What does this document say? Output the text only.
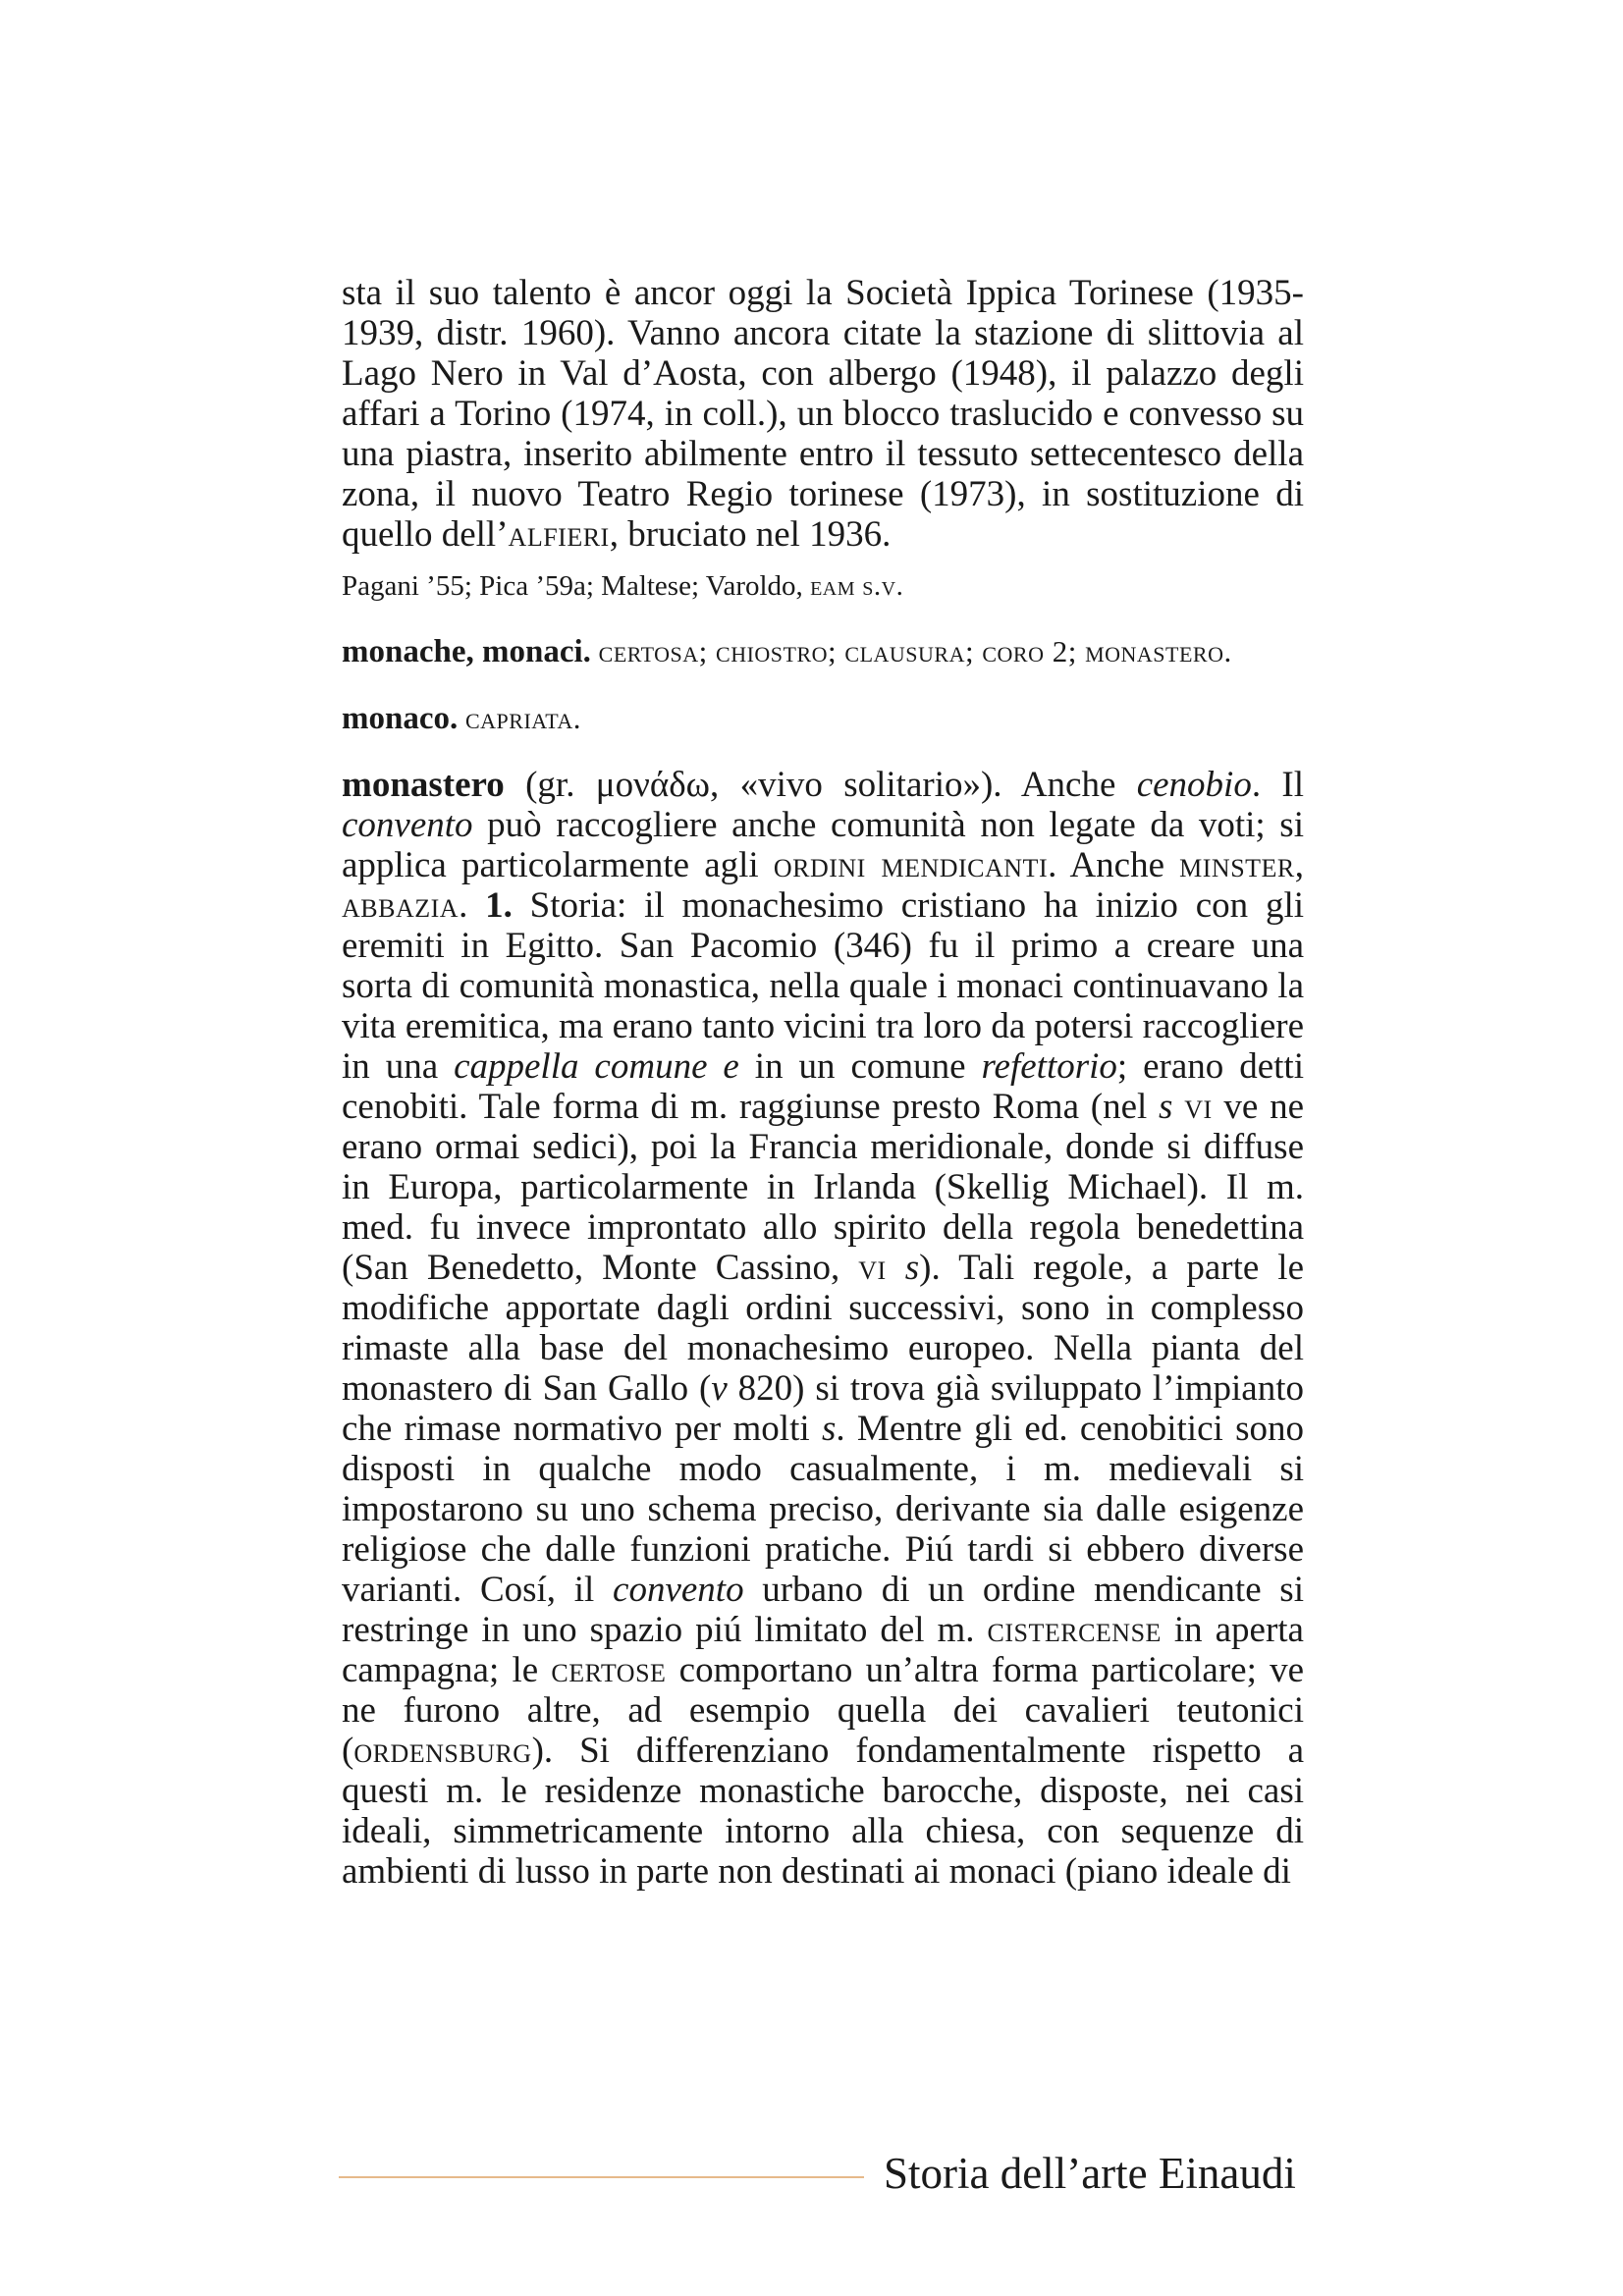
sta il suo talento è ancor oggi la Società Ippica Torinese (1935-1939, distr. 1960). Vanno ancora citate la stazione di slittovia al Lago Nero in Val d’Aosta, con albergo (1948), il palazzo degli affari a Torino (1974, in coll.), un blocco traslucido e convesso su una piastra, inserito abilmente entro il tessuto settecentesco della zona, il nuovo Teatro Regio torinese (1973), in sostituzione di quello dell’alfieri, bruciato nel 1936.

Pagani ’55; Pica ’59a; Maltese; Varoldo, eam s.v.

monache, monaci. certosa; chiostro; clausura; coro 2; monastero.

monaco. capriata.

monastero (gr. μονάδω, «vivo solitario»). Anche cenobio. Il convento può raccogliere anche comunità non legate da voti; si applica particolarmente agli ordini mendicanti. Anche minster, abbazia. 1. Storia: il monachesimo cristiano ha inizio con gli eremiti in Egitto. San Pacomio (346) fu il primo a creare una sorta di comunità monastica, nella quale i monaci continuavano la vita eremitica, ma erano tanto vicini tra loro da potersi raccogliere in una cappella comune e in un comune refettorio; erano detti cenobiti. Tale forma di m. raggiunse presto Roma (nel s vi ve ne erano ormai sedici), poi la Francia meridionale, donde si diffuse in Europa, particolarmente in Irlanda (Skellig Michael). Il m. med. fu invece improntato allo spirito della regola benedettina (San Benedetto, Monte Cassino, vi s). Tali regole, a parte le modifiche apportate dagli ordini successivi, sono in complesso rimaste alla base del monachesimo europeo. Nella pianta del monastero di San Gallo (v 820) si trova già sviluppato l’impianto che rimase normativo per molti s. Mentre gli ed. cenobitici sono disposti in qualche modo casualmente, i m. medievali si impostarono su uno schema preciso, derivante sia dalle esigenze religiose che dalle funzioni pratiche. Piú tardi si ebbero diverse varianti. Cosí, il convento urbano di un ordine mendicante si restringe in uno spazio piú limitato del m. cistercense in aperta campagna; le certose comportano un’altra forma particolare; ve ne furono altre, ad esempio quella dei cavalieri teutonici (ordensburg). Si differenziano fondamentalmente rispetto a questi m. le residenze monastiche barocche, disposte, nei casi ideali, simmetricamente intorno alla chiesa, con sequenze di ambienti di lusso in parte non destinati ai monaci (piano ideale di

Storia dell’arte Einaudi
